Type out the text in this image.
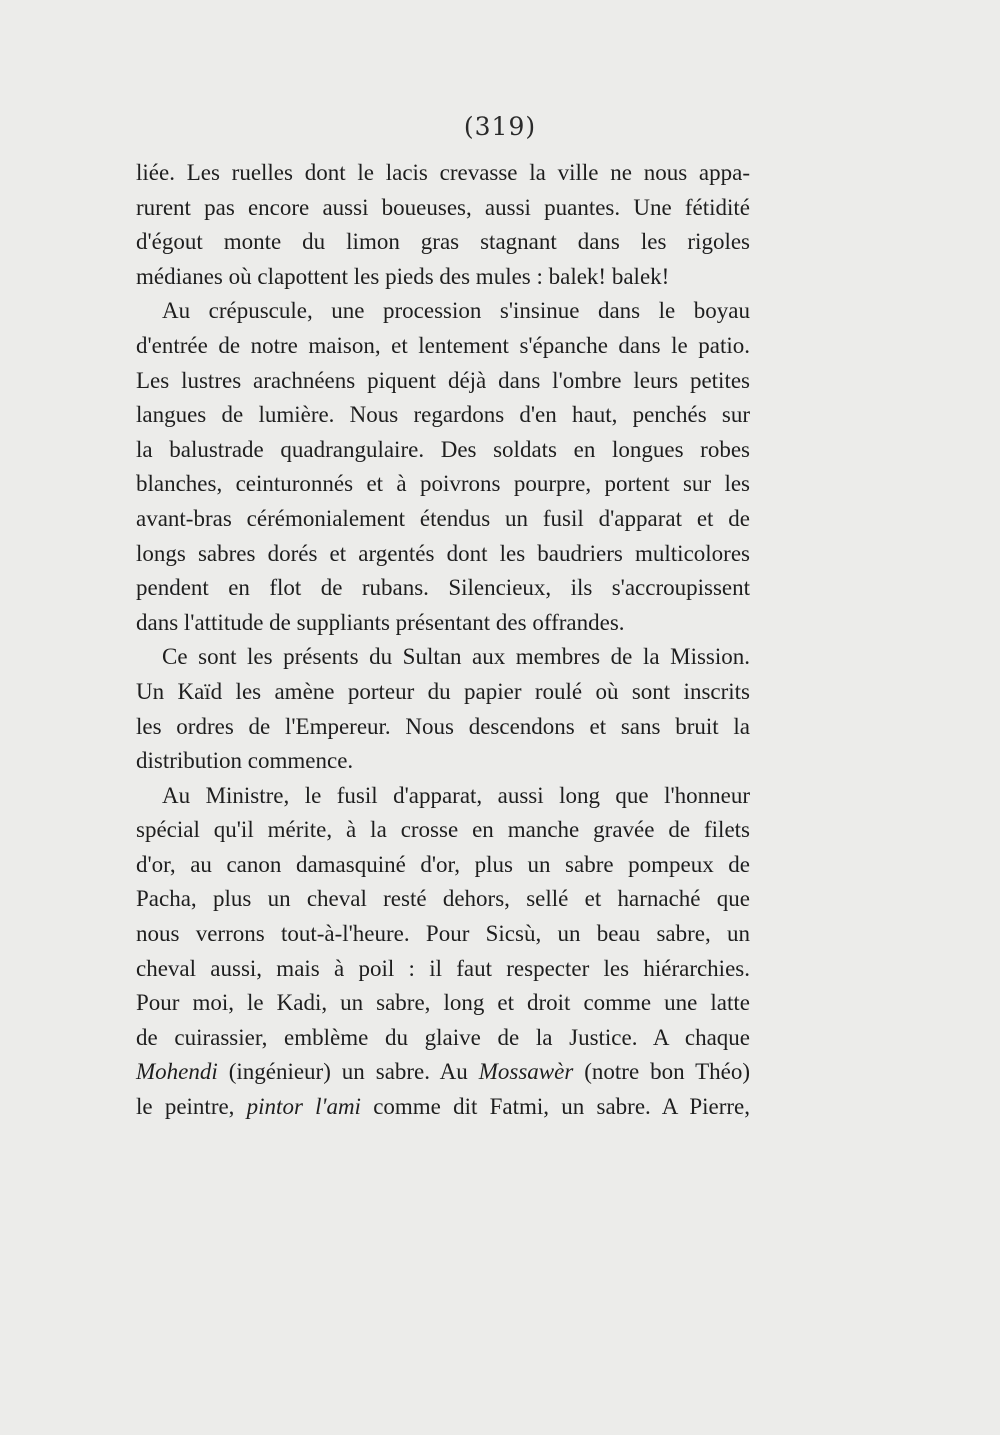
(319)
liée. Les ruelles dont le lacis crevasse la ville ne nous appa-
rurent pas encore aussi boueuses, aussi puantes. Une fétidité
d'égout monte du limon gras stagnant dans les rigoles
médianes où clapottent les pieds des mules : balek! balek!
Au crépuscule, une procession s'insinue dans le boyau
d'entrée de notre maison, et lentement s'épanche dans le patio.
Les lustres arachnéens piquent déjà dans l'ombre leurs petites
langues de lumière. Nous regardons d'en haut, penchés sur
la balustrade quadrangulaire. Des soldats en longues robes
blanches, ceinturonnés et à poivrons pourpre, portent sur les
avant-bras cérémonialement étendus un fusil d'apparat et de
longs sabres dorés et argentés dont les baudriers multicolores
pendent en flot de rubans. Silencieux, ils s'accroupissent
dans l'attitude de suppliants présentant des offrandes.
Ce sont les présents du Sultan aux membres de la Mission.
Un Kaïd les amène porteur du papier roulé où sont inscrits
les ordres de l'Empereur. Nous descendons et sans bruit la
distribution commence.
Au Ministre, le fusil d'apparat, aussi long que l'honneur
spécial qu'il mérite, à la crosse en manche gravée de filets
d'or, au canon damasquiné d'or, plus un sabre pompeux de
Pacha, plus un cheval resté dehors, sellé et harnaché que
nous verrons tout-à-l'heure. Pour Sicsù, un beau sabre, un
cheval aussi, mais à poil : il faut respecter les hiérarchies.
Pour moi, le Kadi, un sabre, long et droit comme une latte
de cuirassier, emblème du glaive de la Justice. A chaque
Mohendi (ingénieur) un sabre. Au Mossawèr (notre bon Théo)
le peintre, pintor l'ami comme dit Fatmi, un sabre. A Pierre,
